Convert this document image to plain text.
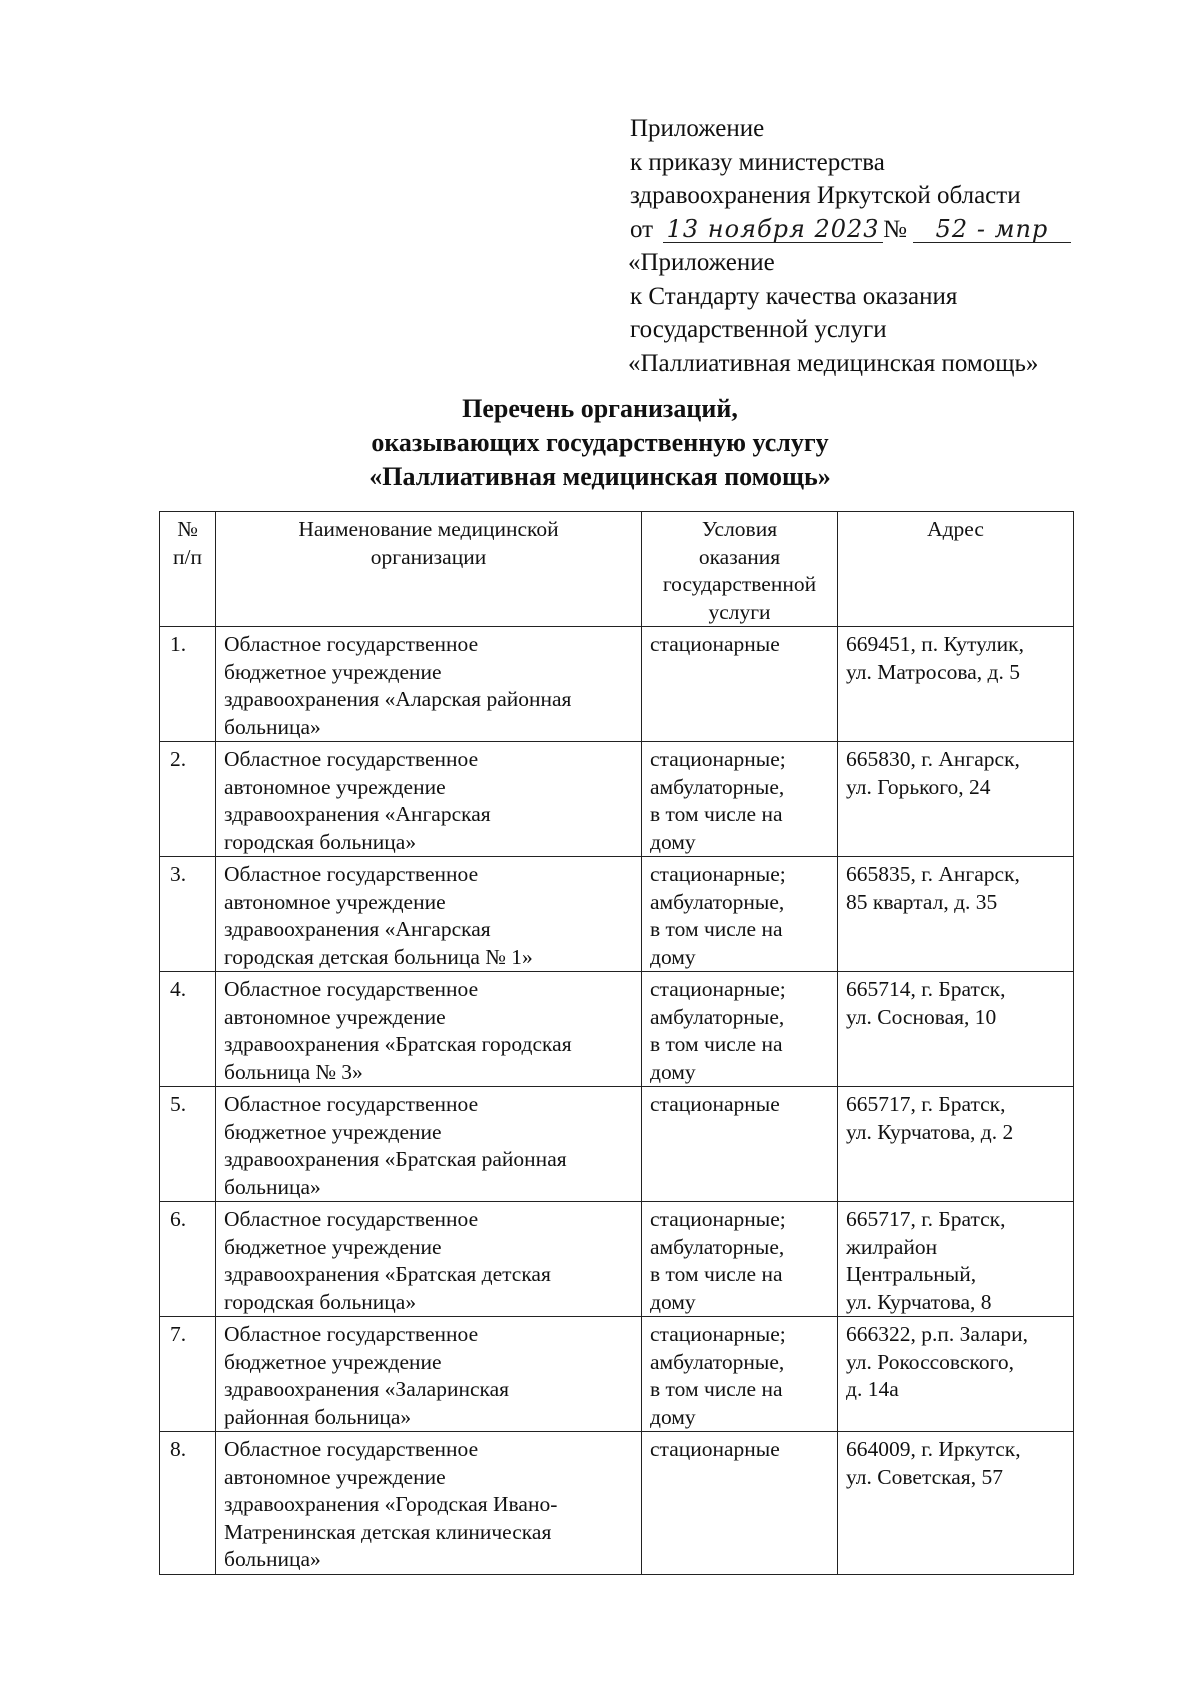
Приложение
к приказу министерства
здравоохранения Иркутской области
от 13 ноября 2023 № 52 - мпр
«Приложение
к Стандарту качества оказания
государственной услуги
«Паллиативная медицинская помощь»
Перечень организаций,
оказывающих государственную услугу
«Паллиативная медицинская помощь»
№
п/п	Наименование медицинской
организации	Условия
оказания
государственной
услуги	Адрес
1.	Областное государственное
бюджетное учреждение
здравоохранения «Аларская районная
больница»	стационарные	669451, п. Кутулик,
ул. Матросова, д. 5
2.	Областное государственное
автономное учреждение
здравоохранения «Ангарская
городская больница»	стационарные;
амбулаторные,
в том числе на
дому	665830, г. Ангарск,
ул. Горького, 24
3.	Областное государственное
автономное учреждение
здравоохранения «Ангарская
городская детская больница № 1»	стационарные;
амбулаторные,
в том числе на
дому	665835, г. Ангарск,
85 квартал, д. 35
4.	Областное государственное
автономное учреждение
здравоохранения «Братская городская
больница № 3»	стационарные;
амбулаторные,
в том числе на
дому	665714, г. Братск,
ул. Сосновая, 10
5.	Областное государственное
бюджетное учреждение
здравоохранения «Братская районная
больница»	стационарные	665717, г. Братск,
ул. Курчатова, д. 2
6.	Областное государственное
бюджетное учреждение
здравоохранения «Братская детская
городская больница»	стационарные;
амбулаторные,
в том числе на
дому	665717, г. Братск,
жилрайон
Центральный,
ул. Курчатова, 8
7.	Областное государственное
бюджетное учреждение
здравоохранения «Заларинская
районная больница»	стационарные;
амбулаторные,
в том числе на
дому	666322, р.п. Залари,
ул. Рокоссовского,
д. 14а
8.	Областное государственное
автономное учреждение
здравоохранения «Городская Ивано-
Матренинская детская клиническая
больница»	стационарные	664009, г. Иркутск,
ул. Советская, 57
